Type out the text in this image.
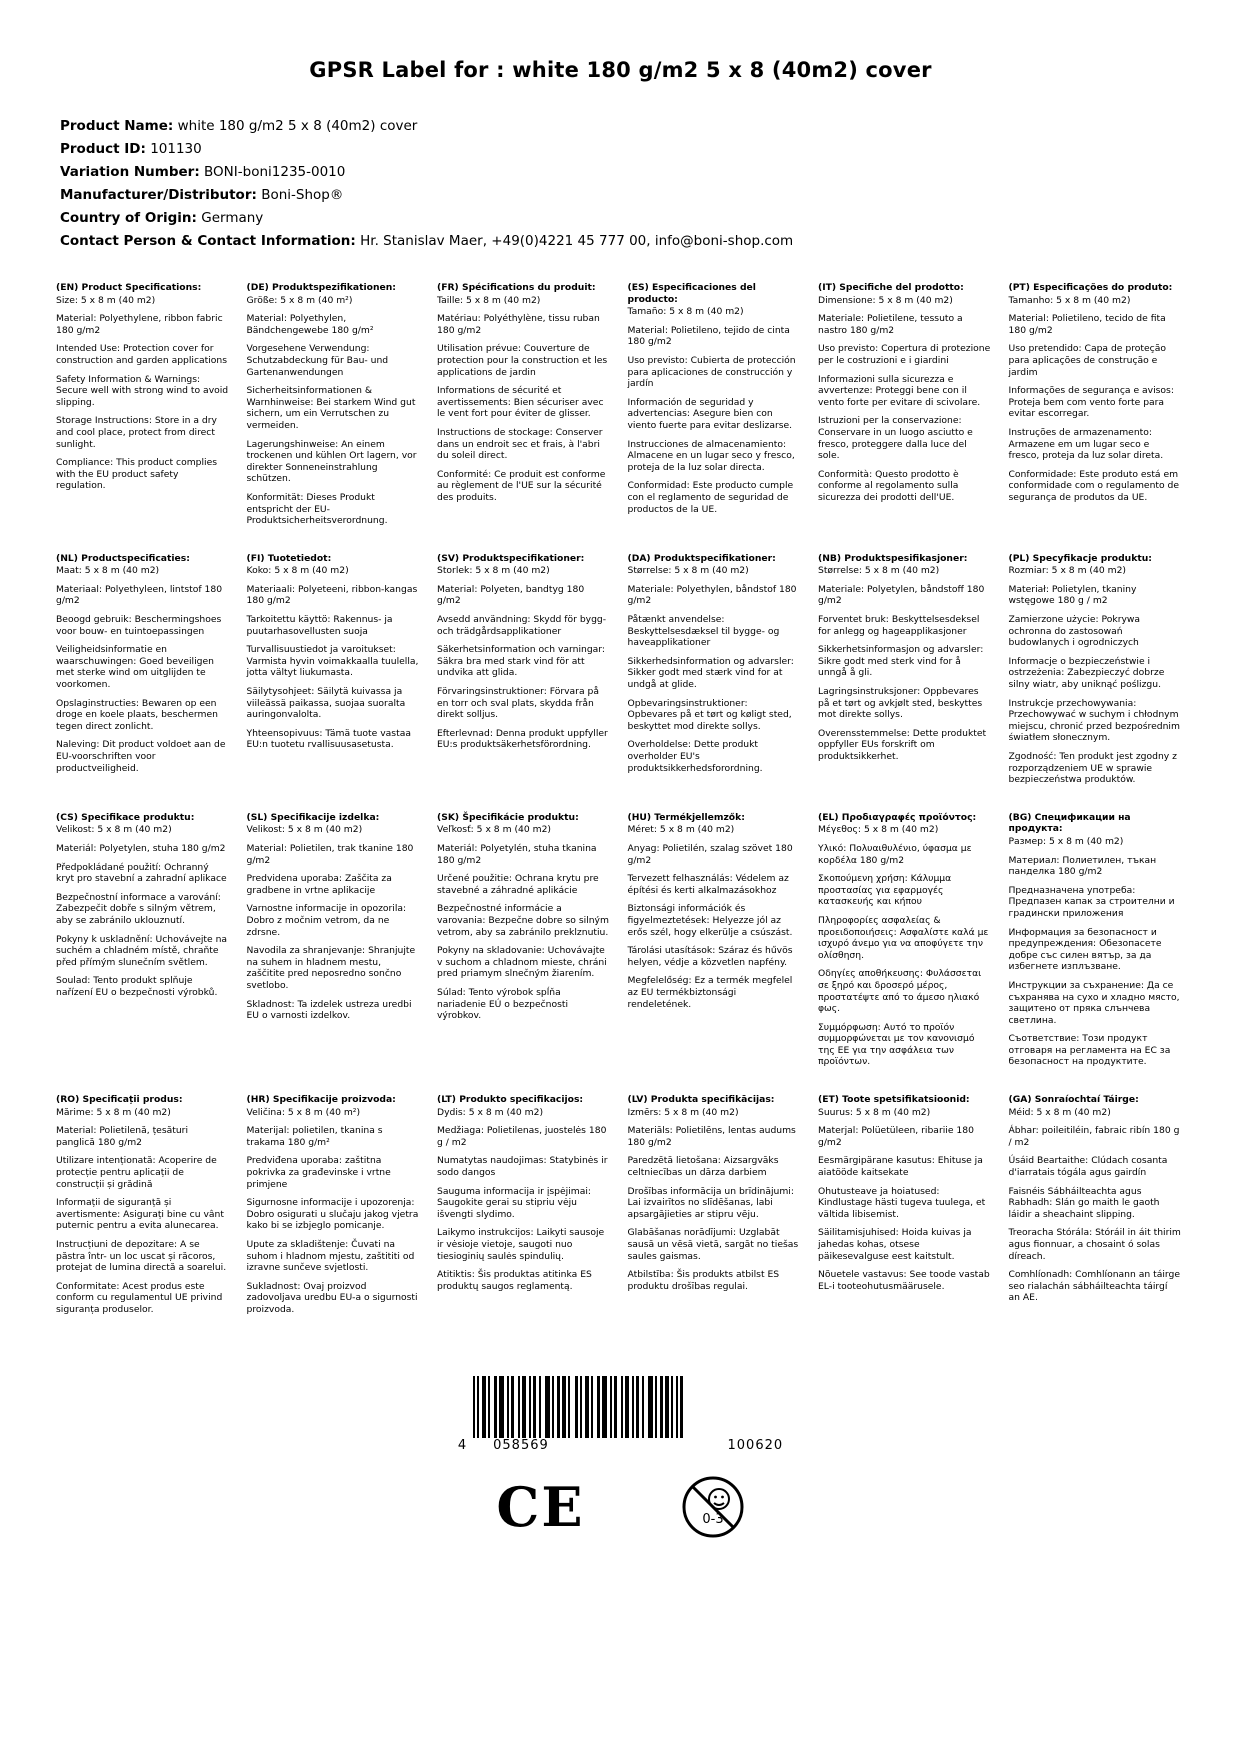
GPSR Label for : white 180 g/m2 5 x 8 (40m2) cover
Product Name: white 180 g/m2 5 x 8 (40m2) cover
Product ID: 101130
Variation Number: BONI-boni1235-0010
Manufacturer/Distributor: Boni-Shop®
Country of Origin: Germany
Contact Person & Contact Information: Hr. Stanislav Maer, +49(0)4221 45 777 00, info@boni-shop.com
(EN) Product Specifications:

Size: 5 x 8 m (40 m2)

Material: Polyethylene, ribbon fabric 180 g/m2

Intended Use: Protection cover for construction and garden applications

Safety Information & Warnings: Secure well with strong wind to avoid slipping.

Storage Instructions: Store in a dry and cool place, protect from direct sunlight.

Compliance: This product complies with the EU product safety regulation.

(DE) Produktspezifikationen:

Größe: 5 x 8 m (40 m²)

Material: Polyethylen, Bändchengewebe 180 g/m²

Vorgesehene Verwendung: Schutzabdeckung für Bau- und Gartenanwendungen

Sicherheitsinformationen & Warnhinweise: Bei starkem Wind gut sichern, um ein Verrutschen zu vermeiden.

Lagerungshinweise: An einem trockenen und kühlen Ort lagern, vor direkter Sonneneinstrahlung schützen.

Konformität: Dieses Produkt entspricht der EU-Produktsicherheitsverordnung.

(FR) Spécifications du produit:

Taille: 5 x 8 m (40 m2)

Matériau: Polyéthylène, tissu ruban 180 g/m2

Utilisation prévue: Couverture de protection pour la construction et les applications de jardin

Informations de sécurité et avertissements: Bien sécuriser avec le vent fort pour éviter de glisser.

Instructions de stockage: Conserver dans un endroit sec et frais, à l'abri du soleil direct.

Conformité: Ce produit est conforme au règlement de l'UE sur la sécurité des produits.

(ES) Especificaciones del producto:

Tamaño: 5 x 8 m (40 m2)

Material: Polietileno, tejido de cinta 180 g/m2

Uso previsto: Cubierta de protección para aplicaciones de construcción y jardín

Información de seguridad y advertencias: Asegure bien con viento fuerte para evitar deslizarse.

Instrucciones de almacenamiento: Almacene en un lugar seco y fresco, proteja de la luz solar directa.

Conformidad: Este producto cumple con el reglamento de seguridad de productos de la UE.

(IT) Specifiche del prodotto:

Dimensione: 5 x 8 m (40 m2)

Materiale: Polietilene, tessuto a nastro 180 g/m2

Uso previsto: Copertura di protezione per le costruzioni e i giardini

Informazioni sulla sicurezza e avvertenze: Proteggi bene con il vento forte per evitare di scivolare.

Istruzioni per la conservazione: Conservare in un luogo asciutto e fresco, proteggere dalla luce del sole.

Conformità: Questo prodotto è conforme al regolamento sulla sicurezza dei prodotti dell'UE.

(PT) Especificações do produto:

Tamanho: 5 x 8 m (40 m2)

Material: Polietileno, tecido de fita 180 g/m2

Uso pretendido: Capa de proteção para aplicações de construção e jardim

Informações de segurança e avisos: Proteja bem com vento forte para evitar escorregar.

Instruções de armazenamento: Armazene em um lugar seco e fresco, proteja da luz solar direta.

Conformidade: Este produto está em conformidade com o regulamento de segurança de produtos da UE.

(NL) Productspecificaties:

Maat: 5 x 8 m (40 m2)

Materiaal: Polyethyleen, lintstof 180 g/m2

Beoogd gebruik: Beschermingshoes voor bouw- en tuintoepassingen

Veiligheidsinformatie en waarschuwingen: Goed beveiligen met sterke wind om uitglijden te voorkomen.

Opslaginstructies: Bewaren op een droge en koele plaats, beschermen tegen direct zonlicht.

Naleving: Dit product voldoet aan de EU-voorschriften voor productveiligheid.

(FI) Tuotetiedot:

Koko: 5 x 8 m (40 m2)

Materiaali: Polyeteeni, ribbon-kangas 180 g/m2

Tarkoitettu käyttö: Rakennus- ja puutarhasovellusten suoja

Turvallisuustiedot ja varoitukset: Varmista hyvin voimakkaalla tuulella, jotta vältyt liukumasta.

Säilytysohjeet: Säilytä kuivassa ja viileässä paikassa, suojaa suoralta auringonvalolta.

Yhteensopivuus: Tämä tuote vastaa EU:n tuotetu rvallisuusasetusta.

(SV) Produktspecifikationer:

Storlek: 5 x 8 m (40 m2)

Material: Polyeten, bandtyg 180 g/m2

Avsedd användning: Skydd för bygg- och trädgårdsapplikationer

Säkerhetsinformation och varningar: Säkra bra med stark vind för att undvika att glida.

Förvaringsinstruktioner: Förvara på en torr och sval plats, skydda från direkt solljus.

Efterlevnad: Denna produkt uppfyller EU:s produktsäkerhetsförordning.

(DA) Produktspecifikationer:

Størrelse: 5 x 8 m (40 m2)

Materiale: Polyethylen, båndstof 180 g/m2

Påtænkt anvendelse: Beskyttelsesdæksel til bygge- og haveapplikationer

Sikkerhedsinformation og advarsler: Sikker godt med stærk vind for at undgå at glide.

Opbevaringsinstruktioner: Opbevares på et tørt og køligt sted, beskyttet mod direkte sollys.

Overholdelse: Dette produkt overholder EU's produktsikkerhedsforordning.

(NB) Produktspesifikasjoner:

Størrelse: 5 x 8 m (40 m2)

Materiale: Polyetylen, båndstoff 180 g/m2

Forventet bruk: Beskyttelsesdeksel for anlegg og hageapplikasjoner

Sikkerhetsinformasjon og advarsler: Sikre godt med sterk vind for å unngå å gli.

Lagringsinstruksjoner: Oppbevares på et tørt og avkjølt sted, beskyttes mot direkte sollys.

Overensstemmelse: Dette produktet oppfyller EUs forskrift om produktsikkerhet.

(PL) Specyfikacje produktu:

Rozmiar: 5 x 8 m (40 m2)

Materiał: Polietylen, tkaniny wstęgowe 180 g / m2

Zamierzone użycie: Pokrywa ochronna do zastosowań budowlanych i ogrodniczych

Informacje o bezpieczeństwie i ostrzeżenia: Zabezpieczyć dobrze silny wiatr, aby uniknąć poślizgu.

Instrukcje przechowywania: Przechowywać w suchym i chłodnym miejscu, chronić przed bezpośrednim światłem słonecznym.

Zgodność: Ten produkt jest zgodny z rozporządzeniem UE w sprawie bezpieczeństwa produktów.

(CS) Specifikace produktu:

Velikost: 5 x 8 m (40 m2)

Materiál: Polyetylen, stuha 180 g/m2

Předpokládané použití: Ochranný kryt pro stavební a zahradní aplikace

Bezpečnostní informace a varování: Zabezpečit dobře s silným větrem, aby se zabránilo uklouznutí.

Pokyny k uskladnění: Uchovávejte na suchém a chladném místě, chraňte před přímým slunečním světlem.

Soulad: Tento produkt splňuje nařízení EU o bezpečnosti výrobků.

(SL) Specifikacije izdelka:

Velikost: 5 x 8 m (40 m2)

Material: Polietilen, trak tkanine 180 g/m2

Predvidena uporaba: Zaščita za gradbene in vrtne aplikacije

Varnostne informacije in opozorila: Dobro z močnim vetrom, da ne zdrsne.

Navodila za shranjevanje: Shranjujte na suhem in hladnem mestu, zaščitite pred neposredno sončno svetlobo.

Skladnost: Ta izdelek ustreza uredbi EU o varnosti izdelkov.

(SK) Špecifikácie produktu:

Veľkosť: 5 x 8 m (40 m2)

Materiál: Polyetylén, stuha tkanina 180 g/m2

Určené použitie: Ochrana krytu pre stavebné a záhradné aplikácie

Bezpečnostné informácie a varovania: Bezpečne dobre so silným vetrom, aby sa zabránilo preklznutiu.

Pokyny na skladovanie: Uchovávajte v suchom a chladnom mieste, chráni pred priamym slnečným žiarením.

Súlad: Tento výrobok spĺňa nariadenie EÚ o bezpečnosti výrobkov.

(HU) Termékjellemzők:

Méret: 5 x 8 m (40 m2)

Anyag: Polietilén, szalag szövet 180 g/m2

Tervezett felhasználás: Védelem az építési és kerti alkalmazásokhoz

Biztonsági információk és figyelmeztetések: Helyezze jól az erős szél, hogy elkerülje a csúszást.

Tárolási utasítások: Száraz és hűvös helyen, védje a közvetlen napfény.

Megfelelőség: Ez a termék megfelel az EU termékbiztonsági rendeletének.

(EL) Προδιαγραφές προϊόντος:

Μέγεθος: 5 x 8 m (40 m2)

Υλικό: Πολυαιθυλένιο, ύφασμα με κορδέλα 180 g/m2

Σκοπούμενη χρήση: Κάλυμμα προστασίας για εφαρμογές κατασκευής και κήπου

Πληροφορίες ασφαλείας & προειδοποιήσεις: Ασφαλίστε καλά με ισχυρό άνεμο για να αποφύγετε την ολίσθηση.

Οδηγίες αποθήκευσης: Φυλάσσεται σε ξηρό και δροσερό μέρος, προστατέψτε από το άμεσο ηλιακό φως.

Συμμόρφωση: Αυτό το προϊόν συμμορφώνεται με τον κανονισμό της ΕΕ για την ασφάλεια των προϊόντων.

(BG) Спецификации на продукта:

Размер: 5 x 8 m (40 m2)

Материал: Полиетилен, тъкан панделка 180 g/m2

Предназначена употреба: Предпазен капак за строителни и градински приложения

Информация за безопасност и предупреждения: Обезопасете добре със силен вятър, за да избегнете изплъзване.

Инструкции за съхранение: Да се съхранява на сухо и хладно място, защитено от пряка слънчева светлина.

Съответствие: Този продукт отговаря на регламента на ЕС за безопасност на продуктите.

(RO) Specificații produs:

Mărime: 5 x 8 m (40 m2)

Material: Polietilenă, țesături panglică 180 g/m2

Utilizare intenționată: Acoperire de protecție pentru aplicații de construcții și grădină

Informații de siguranță și avertismente: Asigurați bine cu vânt puternic pentru a evita alunecarea.

Instrucțiuni de depozitare: A se păstra într- un loc uscat și răcoros, protejat de lumina directă a soarelui.

Conformitate: Acest produs este conform cu regulamentul UE privind siguranța produselor.

(HR) Specifikacije proizvoda:

Veličina: 5 x 8 m (40 m²)

Materijal: polietilen, tkanina s trakama 180 g/m²

Predviđena uporaba: zaštitna pokrivka za građevinske i vrtne primjene

Sigurnosne informacije i upozorenja: Dobro osigurati u slučaju jakog vjetra kako bi se izbjeglo pomicanje.

Upute za skladištenje: Čuvati na suhom i hladnom mjestu, zaštititi od izravne sunčeve svjetlosti.

Sukladnost: Ovaj proizvod zadovoljava uredbu EU-a o sigurnosti proizvoda.

(LT) Produkto specifikacijos:

Dydis: 5 x 8 m (40 m2)

Medžiaga: Polietilenas, juostelės 180 g / m2

Numatytas naudojimas: Statybinės ir sodo dangos

Sauguma informacija ir įspėjimai: Saugokite gerai su stipriu vėju išvengti slydimo.

Laikymo instrukcijos: Laikyti sausoje ir vėsioje vietoje, saugoti nuo tiesioginių saulės spindulių.

Atitiktis: Šis produktas atitinka ES produktų saugos reglamentą.

(LV) Produkta specifikācijas:

Izmērs: 5 x 8 m (40 m2)

Materiāls: Polietilēns, lentas audums 180 g/m2

Paredzētā lietošana: Aizsargvāks celtniecības un dārza darbiem

Drošības informācija un brīdinājumi: Lai izvairītos no slīdēšanas, labi apsargājieties ar stipru vēju.

Glabāšanas norādījumi: Uzglabāt sausā un vēsā vietā, sargāt no tiešas saules gaismas.

Atbilstība: Šis produkts atbilst ES produktu drošības regulai.

(ET) Toote spetsifikatsioonid:

Suurus: 5 x 8 m (40 m2)

Materjal: Polüetüleen, ribariie 180 g/m2

Eesmärgipärane kasutus: Ehituse ja aiatööde kaitsekate

Ohutusteave ja hoiatused: Kindlustage hästi tugeva tuulega, et vältida libisemist.

Säilitamisjuhised: Hoida kuivas ja jahedas kohas, otsese päikesevalguse eest kaitstult.

Nõuetele vastavus: See toode vastab EL-i tooteohutusmäärusele.

(GA) Sonraíochtaí Táirge:

Méid: 5 x 8 m (40 m2)

Ábhar: poileitiléin, fabraic ribín 180 g / m2

Úsáid Beartaithe: Clúdach cosanta d'iarratais tógála agus gairdín

Faisnéis Sábháilteachta agus Rabhadh: Slán go maith le gaoth láidir a sheachaint slipping.

Treoracha Stórála: Stóráil in áit thirim agus fionnuar, a chosaint ó solas díreach.

Comhlíonadh: Comhlíonann an táirge seo rialachán sábháilteachta táirgí an AE.

4	058569	100620
CE	0-3
